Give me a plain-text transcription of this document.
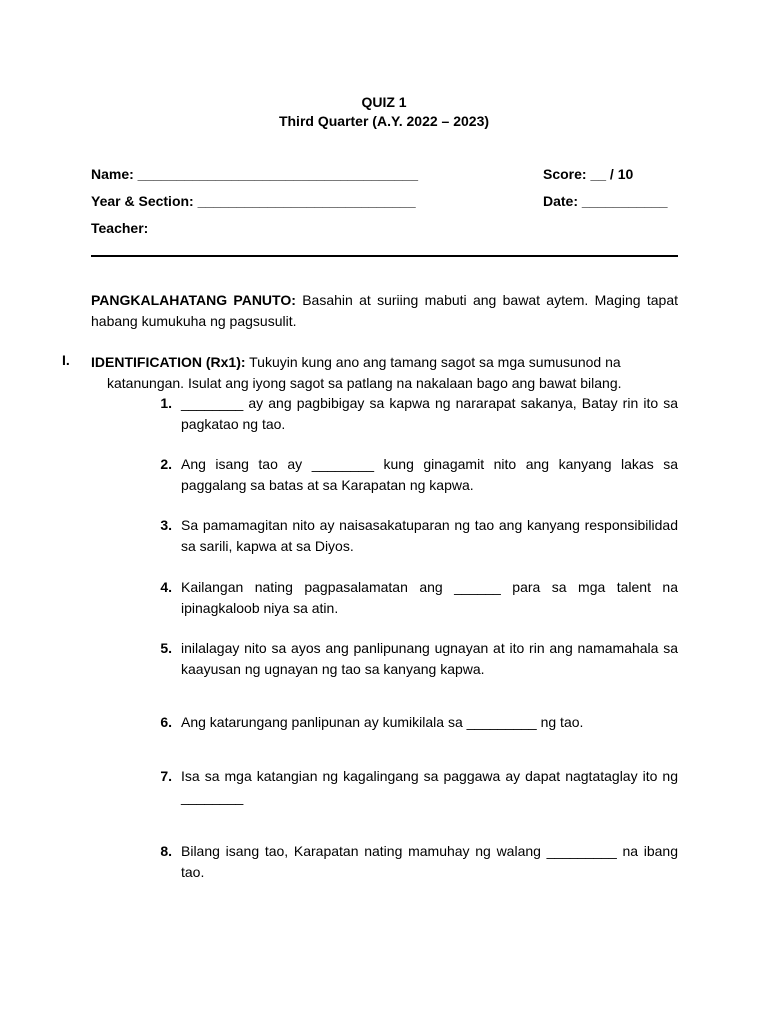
QUIZ 1
Third Quarter (A.Y. 2022 – 2023)
Name: ____________________________________	Score: __ / 10
Year & Section: ____________________________	Date: ___________
Teacher:
PANGKALAHATANG PANUTO: Basahin at suriing mabuti ang bawat aytem. Maging tapat habang kumukuha ng pagsusulit.
I. IDENTIFICATION (Rx1): Tukuyin kung ano ang tamang sagot sa mga sumusunod na
katanungan. Isulat ang iyong sagot sa patlang na nakalaan bago ang bawat bilang.
1. ________ ay ang pagbibigay sa kapwa ng nararapat sakanya, Batay rin ito sa pagkatao ng tao.
2. Ang isang tao ay ________ kung ginagamit nito ang kanyang lakas sa paggalang sa batas at sa Karapatan ng kapwa.
3. Sa pamamagitan nito ay naisasakatuparan ng tao ang kanyang responsibilidad sa sarili, kapwa at sa Diyos.
4. Kailangan nating pagpasalamatan ang ______ para sa mga talent na ipinagkaloob niya sa atin.
5. inilalagay nito sa ayos ang panlipunang ugnayan at ito rin ang namamahala sa kaayusan ng ugnayan ng tao sa kanyang kapwa.
6. Ang katarungang panlipunan ay kumikilala sa _________ ng tao.
7. Isa sa mga katangian ng kagalingang sa paggawa ay dapat nagtataglay ito ng ________
8. Bilang isang tao, Karapatan nating mamuhay ng walang _________ na ibang tao.
